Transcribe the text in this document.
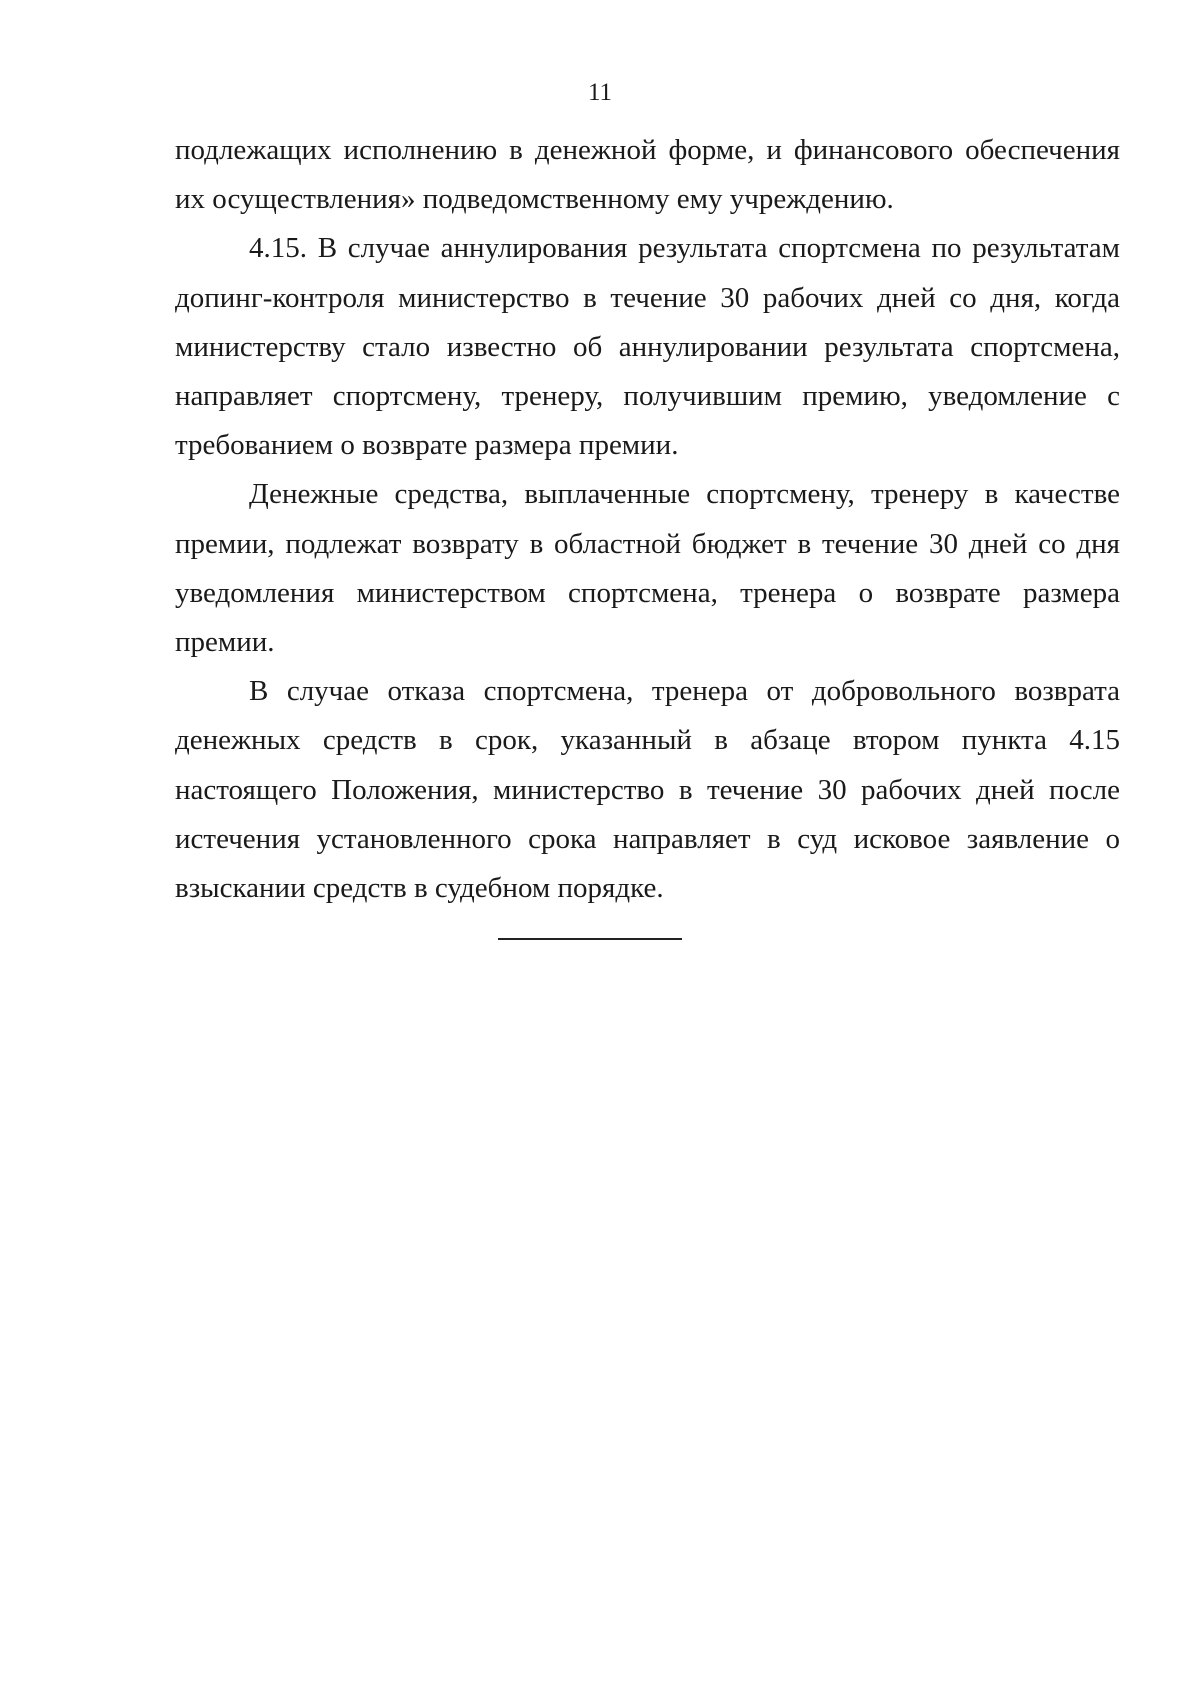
11

подлежащих исполнению в денежной форме, и финансового обеспечения их осуществления» подведомственному ему учреждению.

4.15. В случае аннулирования результата спортсмена по результатам допинг-контроля министерство в течение 30 рабочих дней со дня, когда министерству стало известно об аннулировании результата спортсмена, направляет спортсмену, тренеру, получившим премию, уведомление с требованием о возврате размера премии.

Денежные средства, выплаченные спортсмену, тренеру в качестве премии, подлежат возврату в областной бюджет в течение 30 дней со дня уведомления министерством спортсмена, тренера о возврате размера премии.

В случае отказа спортсмена, тренера от добровольного возврата денежных средств в срок, указанный в абзаце втором пункта 4.15 настоящего Положения, министерство в течение 30 рабочих дней после истечения установленного срока направляет в суд исковое заявление о взыскании средств в судебном порядке.
